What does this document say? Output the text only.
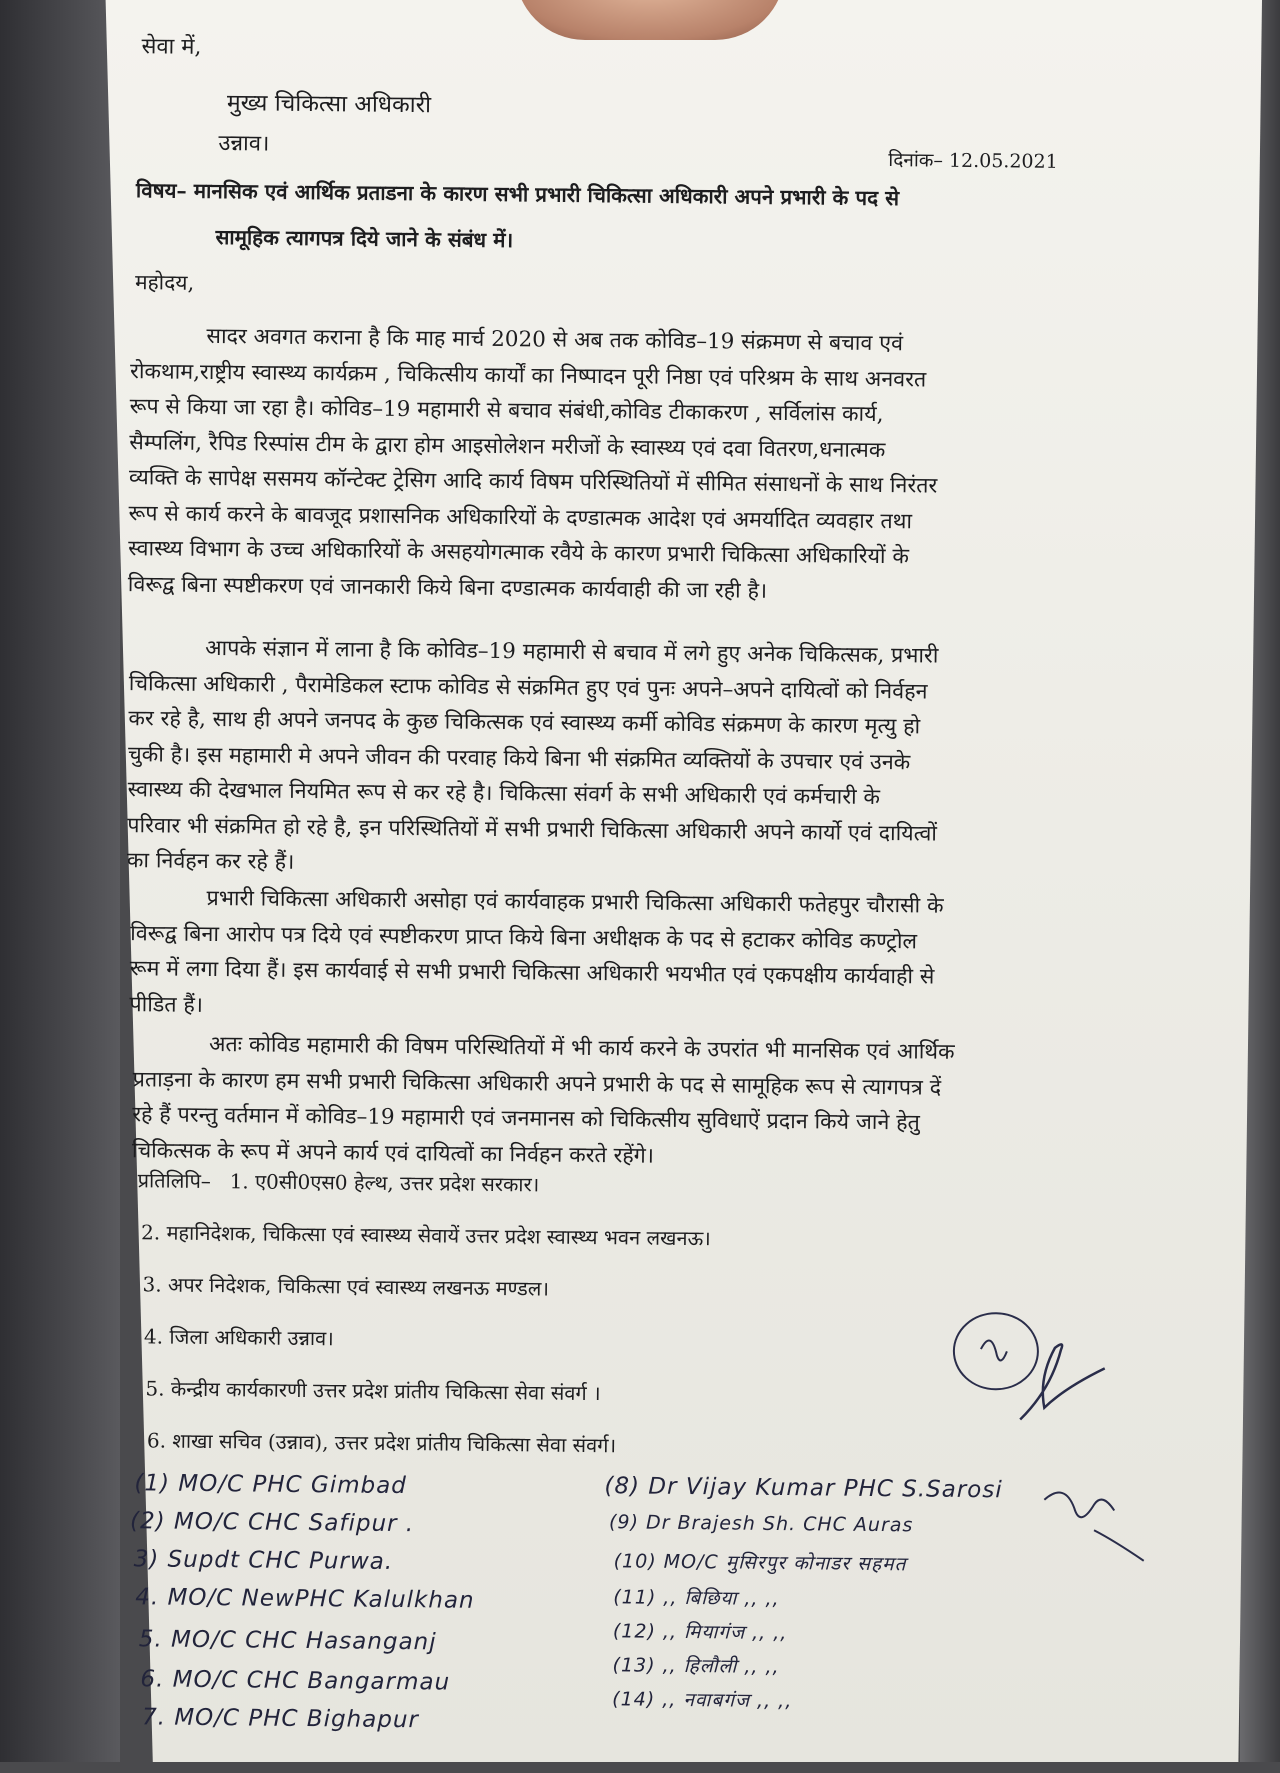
सेवा में,
मुख्य चिकित्सा अधिकारी
उन्नाव।
दिनांक– 12.05.2021
विषय– मानसिक एवं आर्थिक प्रताडना के कारण सभी प्रभारी चिकित्सा अधिकारी अपने प्रभारी के पद से
सामूहिक त्यागपत्र दिये जाने के संबंध में।
महोदय,
सादर अवगत कराना है कि माह मार्च 2020 से अब तक कोविड–19 संक्रमण से बचाव एवं
रोकथाम,राष्ट्रीय स्वास्थ्य कार्यक्रम , चिकित्सीय कार्यों का निष्पादन पूरी निष्ठा एवं परिश्रम के साथ अनवरत
रूप से किया जा रहा है। कोविड–19 महामारी से बचाव संबंधी,कोविड टीकाकरण , सर्विलांस कार्य,
सैम्पलिंग, रैपिड रिस्पांस टीम के द्वारा होम आइसोलेशन मरीजों के स्वास्थ्य एवं दवा वितरण,धनात्मक
व्यक्ति के सापेक्ष ससमय कॉन्टेक्ट ट्रेसिग आदि कार्य विषम परिस्थितियों में सीमित संसाधनों के साथ निरंतर
रूप से कार्य करने के बावजूद प्रशासनिक अधिकारियों के दण्डात्मक आदेश एवं अमर्यादित व्यवहार तथा
स्वास्थ्य विभाग के उच्च अधिकारियों के असहयोगत्माक रवैये के कारण प्रभारी चिकित्सा अधिकारियों के
विरूद्व बिना स्पष्टीकरण एवं जानकारी किये बिना दण्डात्मक कार्यवाही की जा रही है।
आपके संज्ञान में लाना है कि कोविड–19 महामारी से बचाव में लगे हुए अनेक चिकित्सक, प्रभारी
चिकित्सा अधिकारी , पैरामेडिकल स्टाफ कोविड से संक्रमित हुए एवं पुनः अपने–अपने दायित्वों को निर्वहन
कर रहे है, साथ ही अपने जनपद के कुछ चिकित्सक एवं स्वास्थ्य कर्मी कोविड संक्रमण के कारण मृत्यु हो
चुकी है। इस महामारी मे अपने जीवन की परवाह किये बिना भी संक्रमित व्यक्तियों के उपचार एवं उनके
स्वास्थ्य की देखभाल नियमित रूप से कर रहे है। चिकित्सा संवर्ग के सभी अधिकारी एवं कर्मचारी के
परिवार भी संक्रमित हो रहे है, इन परिस्थितियों में सभी प्रभारी चिकित्सा अधिकारी अपने कार्यो एवं दायित्वों
का निर्वहन कर रहे हैं।
प्रभारी चिकित्सा अधिकारी असोहा एवं कार्यवाहक प्रभारी चिकित्सा अधिकारी फतेहपुर चौरासी के
विरूद्व बिना आरोप पत्र दिये एवं स्पष्टीकरण प्राप्त किये बिना अधीक्षक के पद से हटाकर कोविड कण्ट्रोल
रूम में लगा दिया हैं। इस कार्यवाई से सभी प्रभारी चिकित्सा अधिकारी भयभीत एवं एकपक्षीय कार्यवाही से
पीडित हैं।
अतः कोविड महामारी की विषम परिस्थितियों में भी कार्य करने के उपरांत भी मानसिक एवं आर्थिक
प्रताड़ना के कारण हम सभी प्रभारी चिकित्सा अधिकारी अपने प्रभारी के पद से सामूहिक रूप से त्यागपत्र दें
रहे हैं परन्तु वर्तमान में कोविड–19 महामारी एवं जनमानस को चिकित्सीय सुविधाऐं प्रदान किये जाने हेतु
चिकित्सक के रूप में अपने कार्य एवं दायित्वों का निर्वहन करते रहेंगे।
प्रतिलिपि– 1. ए0सी0एस0 हेल्थ, उत्तर प्रदेश सरकार।
2. महानिदेशक, चिकित्सा एवं स्वास्थ्य सेवायें उत्तर प्रदेश स्वास्थ्य भवन लखनऊ।
3. अपर निदेशक, चिकित्सा एवं स्वास्थ्य लखनऊ मण्डल।
4. जिला अधिकारी उन्नाव।
5. केन्द्रीय कार्यकारणी उत्तर प्रदेश प्रांतीय चिकित्सा सेवा संवर्ग ।
6. शाखा सचिव (उन्नाव), उत्तर प्रदेश प्रांतीय चिकित्सा सेवा संवर्ग।
(1) MO/C PHC Gimbad
(2) MO/C CHC Safipur .
3) Supdt CHC Purwa.
4. MO/C NewPHC Kalulkhan
5. MO/C CHC Hasanganj
6. MO/C CHC Bangarmau
7. MO/C PHC Bighapur
(8) Dr Vijay Kumar PHC S.Sarosi
(9) Dr Brajesh Sh. CHC Auras
(10) MO/C मुसिरपुर कोनाडर सहमत
(11) ,, बिछिया ,, ,,
(12) ,, मियागंज ,, ,,
(13) ,, हिलौली ,, ,,
(14) ,, नवाबगंज ,, ,,
